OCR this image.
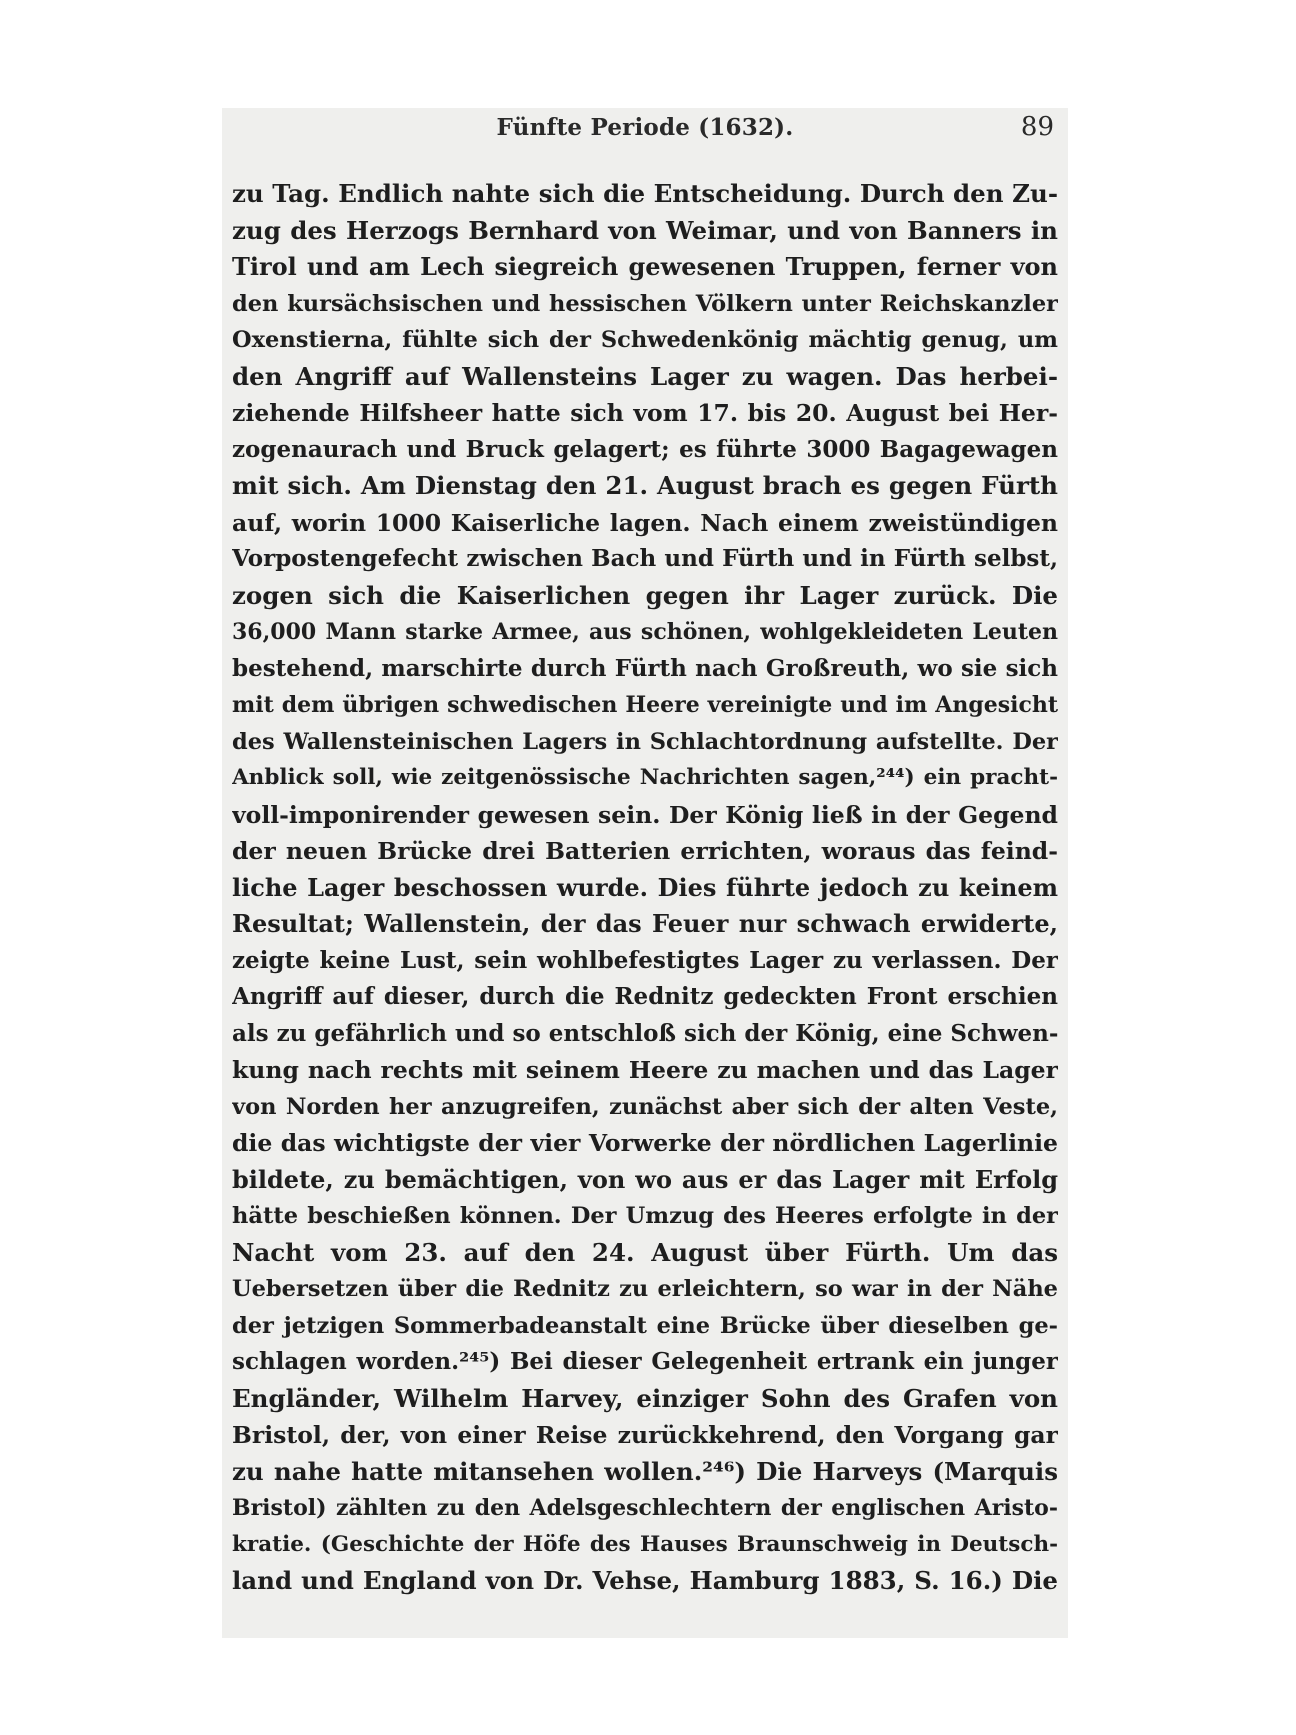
Fünfte Periode (1632).	89
zu Tag. Endlich nahte sich die Entscheidung. Durch den Zu-
zug des Herzogs Bernhard von Weimar, und von Banners in
Tirol und am Lech siegreich gewesenen Truppen, ferner von
den kursächsischen und hessischen Völkern unter Reichskanzler
Oxenstierna, fühlte sich der Schwedenkönig mächtig genug, um
den Angriff auf Wallensteins Lager zu wagen. Das herbei-
ziehende Hilfsheer hatte sich vom 17. bis 20. August bei Her-
zogenaurach und Bruck gelagert; es führte 3000 Bagagewagen
mit sich. Am Dienstag den 21. August brach es gegen Fürth
auf, worin 1000 Kaiserliche lagen. Nach einem zweistündigen
Vorpostengefecht zwischen Bach und Fürth und in Fürth selbst,
zogen sich die Kaiserlichen gegen ihr Lager zurück. Die
36,000 Mann starke Armee, aus schönen, wohlgekleideten Leuten
bestehend, marschirte durch Fürth nach Großreuth, wo sie sich
mit dem übrigen schwedischen Heere vereinigte und im Angesicht
des Wallensteinischen Lagers in Schlachtordnung aufstellte. Der
Anblick soll, wie zeitgenössische Nachrichten sagen,²⁴⁴) ein pracht-
voll-imponirender gewesen sein. Der König ließ in der Gegend
der neuen Brücke drei Batterien errichten, woraus das feind-
liche Lager beschossen wurde. Dies führte jedoch zu keinem
Resultat; Wallenstein, der das Feuer nur schwach erwiderte,
zeigte keine Lust, sein wohlbefestigtes Lager zu verlassen. Der
Angriff auf dieser, durch die Rednitz gedeckten Front erschien
als zu gefährlich und so entschloß sich der König, eine Schwen-
kung nach rechts mit seinem Heere zu machen und das Lager
von Norden her anzugreifen, zunächst aber sich der alten Veste,
die das wichtigste der vier Vorwerke der nördlichen Lagerlinie
bildete, zu bemächtigen, von wo aus er das Lager mit Erfolg
hätte beschießen können. Der Umzug des Heeres erfolgte in der
Nacht vom 23. auf den 24. August über Fürth. Um das
Uebersetzen über die Rednitz zu erleichtern, so war in der Nähe
der jetzigen Sommerbadeanstalt eine Brücke über dieselben ge-
schlagen worden.²⁴⁵) Bei dieser Gelegenheit ertrank ein junger
Engländer, Wilhelm Harvey, einziger Sohn des Grafen von
Bristol, der, von einer Reise zurückkehrend, den Vorgang gar
zu nahe hatte mitansehen wollen.²⁴⁶) Die Harveys (Marquis
Bristol) zählten zu den Adelsgeschlechtern der englischen Aristo-
kratie. (Geschichte der Höfe des Hauses Braunschweig in Deutsch-
land und England von Dr. Vehse, Hamburg 1883, S. 16.) Die
